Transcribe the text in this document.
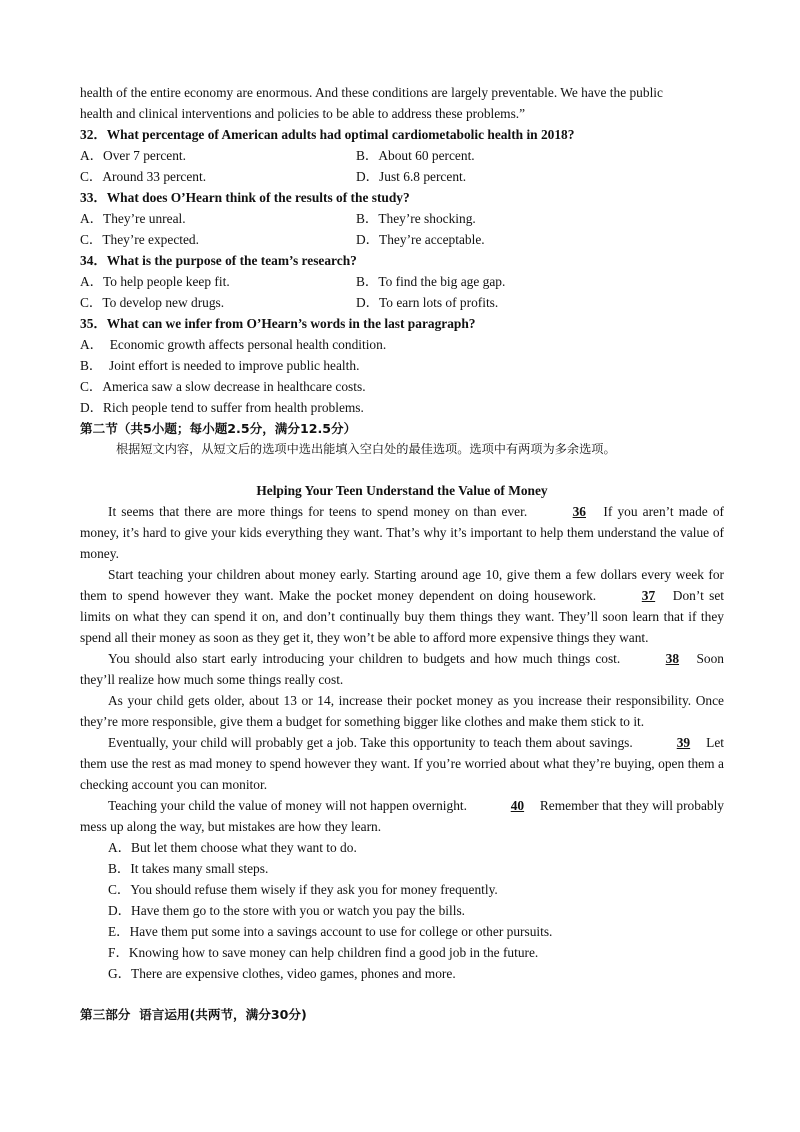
health of the entire economy are enormous. And these conditions are largely preventable. We have the public
health and clinical interventions and policies to be able to address these problems.”
32．What percentage of American adults had optimal cardiometabolic health in 2018?
A．Over 7 percent.	B．About 60 percent.
C．Around 33 percent.	D．Just 6.8 percent.
33．What does O’Hearn think of the results of the study?
A．They’re unreal.	B．They’re shocking.
C．They’re expected.	D．They’re acceptable.
34．What is the purpose of the team’s research?
A．To help people keep fit.	B．To find the big age gap.
C．To develop new drugs.	D．To earn lots of profits.
35．What can we infer from O’Hearn’s words in the last paragraph?
A．  Economic growth affects personal health condition.
B．  Joint effort is needed to improve public health.
C．America saw a slow decrease in healthcare costs.
D．Rich people tend to suffer from health problems.
第二节（共5小题；每小题2.5分，满分12.5分）
根据短文内容，从短文后的选项中选出能填入空白处的最佳选项。选项中有两项为多余选项。
Helping Your Teen Understand the Value of Money

It seems that there are more things for teens to spend money on than ever.	36 If you aren’t made of money, it’s hard to give your kids everything they want. That’s why it’s important to help them understand the value of money.

Start teaching your children about money early. Starting around age 10, give them a few dollars every week for them to spend however they want. Make the pocket money dependent on doing housework.	37 Don’t set limits on what they can spend it on, and don’t continually buy them things they want. They’ll soon learn that if they spend all their money as soon as they get it, they won’t be able to afford more expensive things they want.

You should also start early introducing your children to budgets and how much things cost.	38 Soon they’ll realize how much some things really cost.

As your child gets older, about 13 or 14, increase their pocket money as you increase their responsibility. Once they’re more responsible, give them a budget for something bigger like clothes and make them stick to it.

Eventually, your child will probably get a job. Take this opportunity to teach them about savings.	39 Let them use the rest as mad money to spend however they want. If you’re worried about what they’re buying, open them a checking account you can monitor.

Teaching your child the value of money will not happen overnight.	40 Remember that they will probably mess up along the way, but mistakes are how they learn.

A．But let them choose what they want to do.
B．It takes many small steps.
C．You should refuse them wisely if they ask you for money frequently.
D．Have them go to the store with you or watch you pay the bills.
E．Have them put some into a savings account to use for college or other pursuits.
F．Knowing how to save money can help children find a good job in the future.
G．There are expensive clothes, video games, phones and more.
第三部分  语言运用(共两节，满分30分)
